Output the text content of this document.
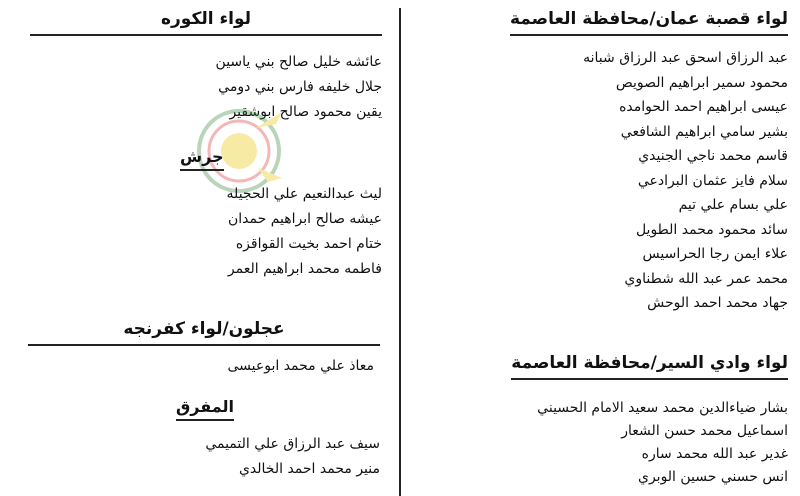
لواء قصبة عمان/محافظة العاصمة
عبد الرزاق اسحق عبد الرزاق شبانه
محمود سمير ابراهيم الصويص
عيسى ابراهيم احمد الحوامده
بشير سامي ابراهيم الشافعي
قاسم محمد ناجي الجنيدي
سلام فايز عثمان البرادعي
علي بسام علي تيم
سائد محمود محمد الطويل
علاء ايمن رجا الحراسيس
محمد عمر عبد الله شطناوي
جهاد محمد احمد الوحش
لواء وادي السير/محافظة العاصمة
بشار ضياءالدين محمد سعيد الامام الحسيني
اسماعيل محمد حسن الشعار
غدير عبد الله محمد ساره
انس حسني حسين الوبري
لواء الكوره
عائشه خليل صالح بني ياسين
جلال خليفه فارس بني دومي
يقين محمود صالح ابوشقير
جرش
ليث عبدالنعيم علي الحجيله
عيشه صالح ابراهيم حمدان
ختام احمد بخيت القواقزه
فاطمه محمد ابراهيم العمر
عجلون/لواء كفرنجه
معاذ علي محمد ابوعيسى
المفرق
سيف عبد الرزاق علي التميمي
منير محمد احمد الخالدي
